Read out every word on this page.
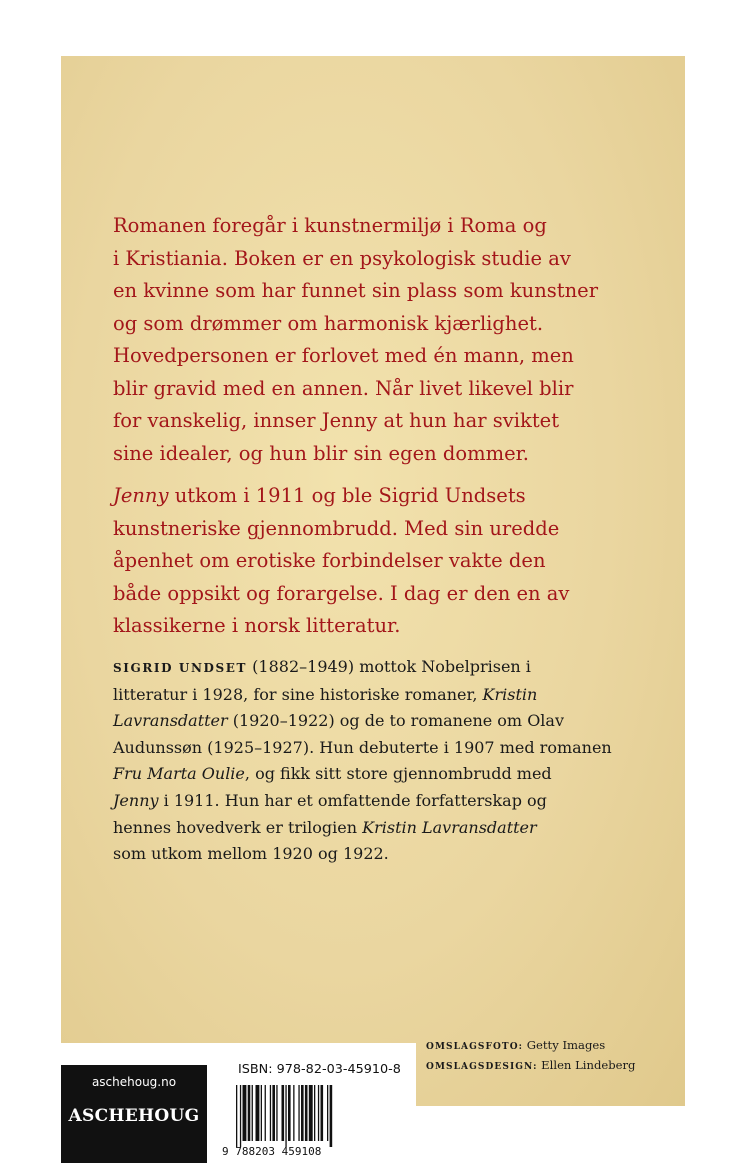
Romanen foregår i kunstnermiljø i Roma og
i Kristiania. Boken er en psykologisk studie av
en kvinne som har funnet sin plass som kunstner
og som drømmer om harmonisk kjærlighet.
Hovedpersonen er forlovet med én mann, men
blir gravid med en annen. Når livet likevel blir
for vanskelig, innser Jenny at hun har sviktet
sine idealer, og hun blir sin egen dommer.

Jenny utkom i 1911 og ble Sigrid Undsets
kunstneriske gjennombrudd. Med sin uredde
åpenhet om erotiske forbindelser vakte den
både oppsikt og forargelse. I dag er den en av
klassikerne i norsk litteratur.

SIGRID UNDSET (1882–1949) mottok Nobelprisen i
litteratur i 1928, for sine historiske romaner, Kristin
Lavransdatter (1920–1922) og de to romanene om Olav
Audunssøn (1925–1927). Hun debuterte i 1907 med romanen
Fru Marta Oulie, og fikk sitt store gjennombrudd med
Jenny i 1911. Hun har et omfattende forfatterskap og
hennes hovedverk er trilogien Kristin Lavransdatter
som utkom mellom 1920 og 1922.

OMSLAGSFOTO: Getty Images
OMSLAGSDESIGN: Ellen Lindeberg
aschehoug.no
ASCHEHOUG
ISBN: 978-82-03-45910-8
9 788203 459108
